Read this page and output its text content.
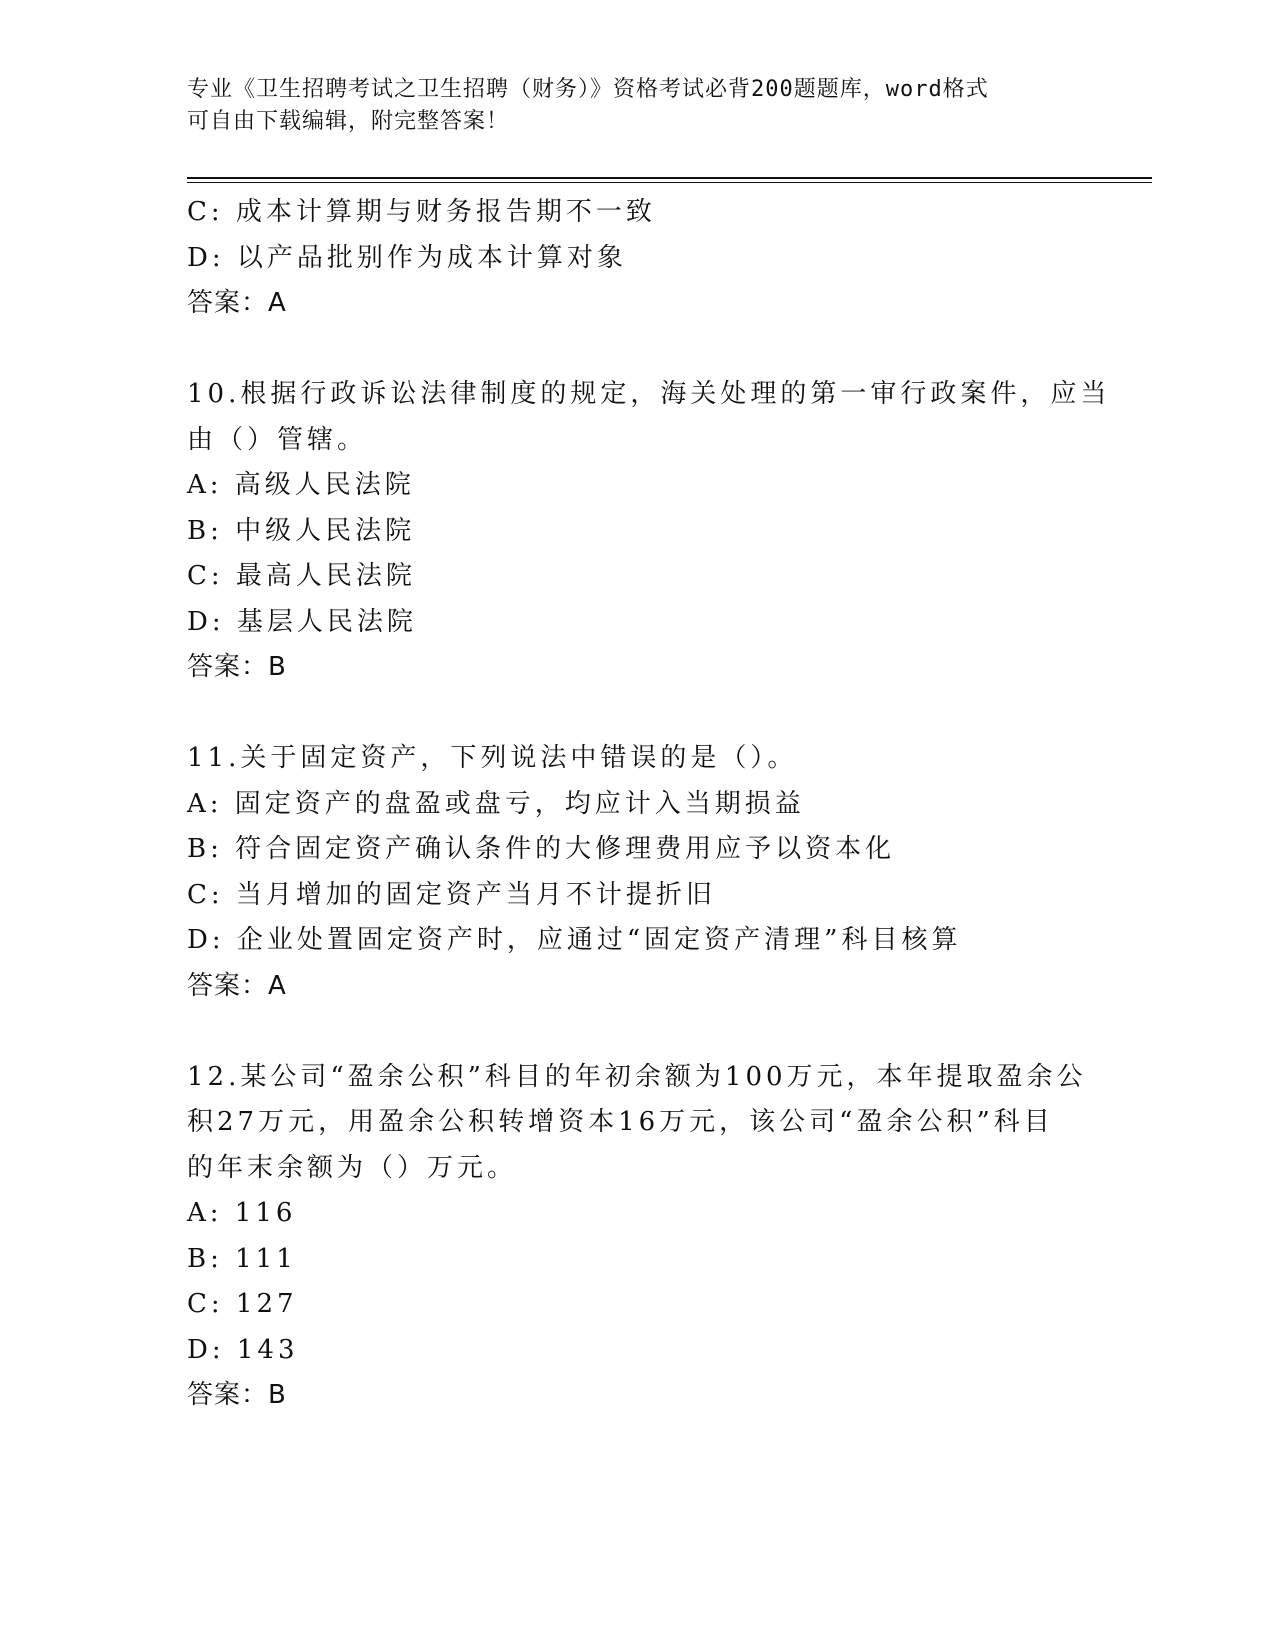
专业《卫生招聘考试之卫生招聘（财务）》资格考试必背200题题库，word格式
可自由下载编辑，附完整答案！
C: 成本计算期与财务报告期不一致
D: 以产品批别作为成本计算对象
答案：A
10.根据行政诉讼法律制度的规定，海关处理的第一审行政案件，应当
由（）管辖。
A: 高级人民法院
B: 中级人民法院
C: 最高人民法院
D: 基层人民法院
答案：B
11.关于固定资产，下列说法中错误的是（）。
A: 固定资产的盘盈或盘亏，均应计入当期损益
B: 符合固定资产确认条件的大修理费用应予以资本化
C: 当月增加的固定资产当月不计提折旧
D: 企业处置固定资产时，应通过“固定资产清理”科目核算
答案：A
12.某公司“盈余公积”科目的年初余额为100万元，本年提取盈余公
积27万元，用盈余公积转增资本16万元，该公司“盈余公积”科目
的年末余额为（）万元。
A: 116
B: 111
C: 127
D: 143
答案：B
